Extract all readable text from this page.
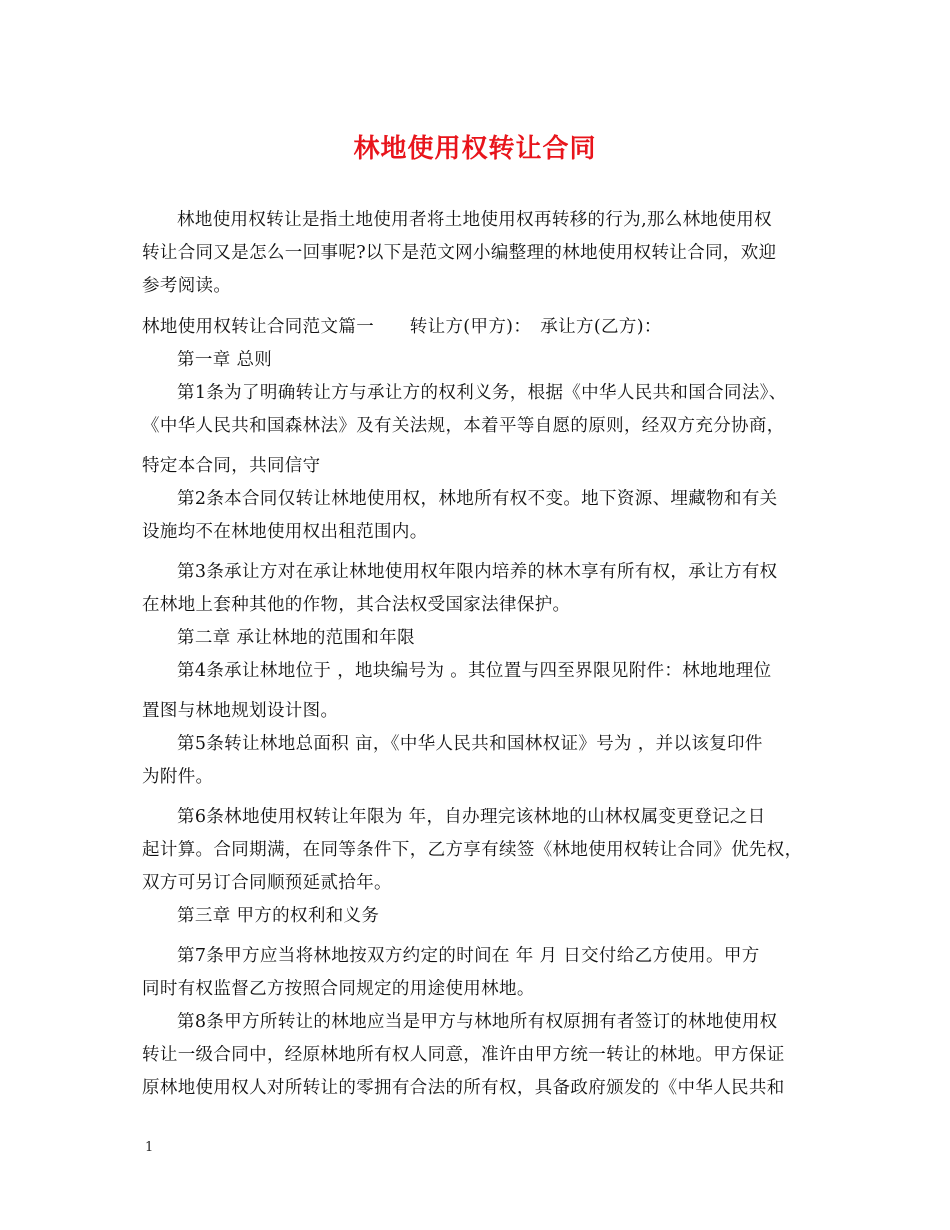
林地使用权转让合同
林地使用权转让是指土地使用者将土地使用权再转移的行为,那么林地使用权
转让合同又是怎么一回事呢?以下是范文网小编整理的林地使用权转让合同，欢迎
参考阅读。
林地使用权转让合同范文篇一　　转让方(甲方)：　承让方(乙方)：
第一章 总则
第1条为了明确转让方与承让方的权利义务，根据《中华人民共和国合同法》、
《中华人民共和国森林法》及有关法规，本着平等自愿的原则，经双方充分协商，
特定本合同，共同信守
第2条本合同仅转让林地使用权，林地所有权不变。地下资源、埋藏物和有关
设施均不在林地使用权出租范围内。
第3条承让方对在承让林地使用权年限内培养的林木享有所有权，承让方有权
在林地上套种其他的作物，其合法权受国家法律保护。
第二章 承让林地的范围和年限
第4条承让林地位于 ，地块编号为 。其位置与四至界限见附件：林地地理位
置图与林地规划设计图。
第5条转让林地总面积 亩，《中华人民共和国林权证》号为 ，并以该复印件
为附件。
第6条林地使用权转让年限为 年，自办理完该林地的山林权属变更登记之日
起计算。合同期满，在同等条件下，乙方享有续签《林地使用权转让合同》优先权，
双方可另订合同顺预延贰拾年。
第三章 甲方的权利和义务
第7条甲方应当将林地按双方约定的时间在 年 月 日交付给乙方使用。甲方
同时有权监督乙方按照合同规定的用途使用林地。
第8条甲方所转让的林地应当是甲方与林地所有权原拥有者签订的林地使用权
转让一级合同中，经原林地所有权人同意，准许由甲方统一转让的林地。甲方保证
原林地使用权人对所转让的零拥有合法的所有权，具备政府颁发的《中华人民共和
1
